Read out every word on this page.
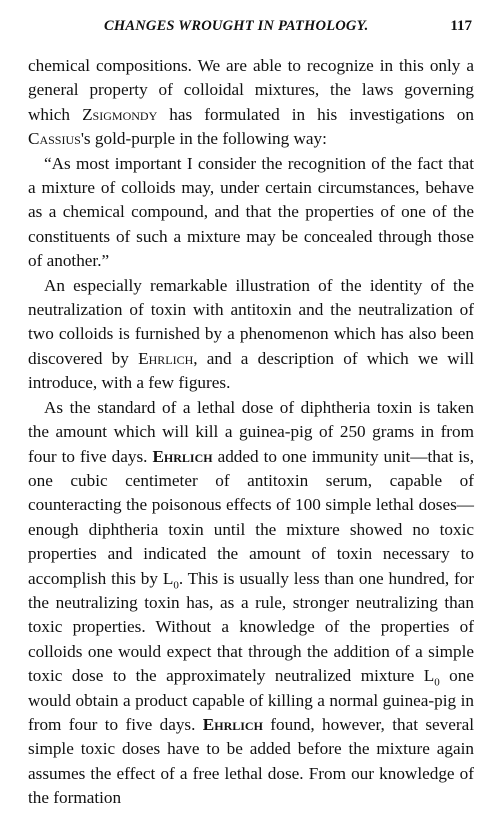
CHANGES WROUGHT IN PATHOLOGY.	117

chemical compositions. We are able to recognize in this only a general property of colloidal mixtures, the laws governing which Zsigmondy has formulated in his investigations on Cassius's gold-purple in the following way:

“As most important I consider the recognition of the fact that a mixture of colloids may, under certain circumstances, behave as a chemical compound, and that the properties of one of the constituents of such a mixture may be concealed through those of another.”

An especially remarkable illustration of the identity of the neutralization of toxin with antitoxin and the neutralization of two colloids is furnished by a phenomenon which has also been discovered by Ehrlich, and a description of which we will introduce, with a few figures.

As the standard of a lethal dose of diphtheria toxin is taken the amount which will kill a guinea-pig of 250 grams in from four to five days. Ehrlich added to one immunity unit—that is, one cubic centimeter of antitoxin serum, capable of counteracting the poisonous effects of 100 simple lethal doses—enough diphtheria toxin until the mixture showed no toxic properties and indicated the amount of toxin necessary to accomplish this by $L_0$. This is usually less than one hundred, for the neutralizing toxin has, as a rule, stronger neutralizing than toxic properties. Without a knowledge of the properties of colloids one would expect that through the addition of a simple toxic dose to the approximately neutralized mixture $L_0$ one would obtain a product capable of killing a normal guinea-pig in from four to five days. Ehrlich found, however, that several simple toxic doses have to be added before the mixture again assumes the effect of a free lethal dose. From our knowledge of the formation
